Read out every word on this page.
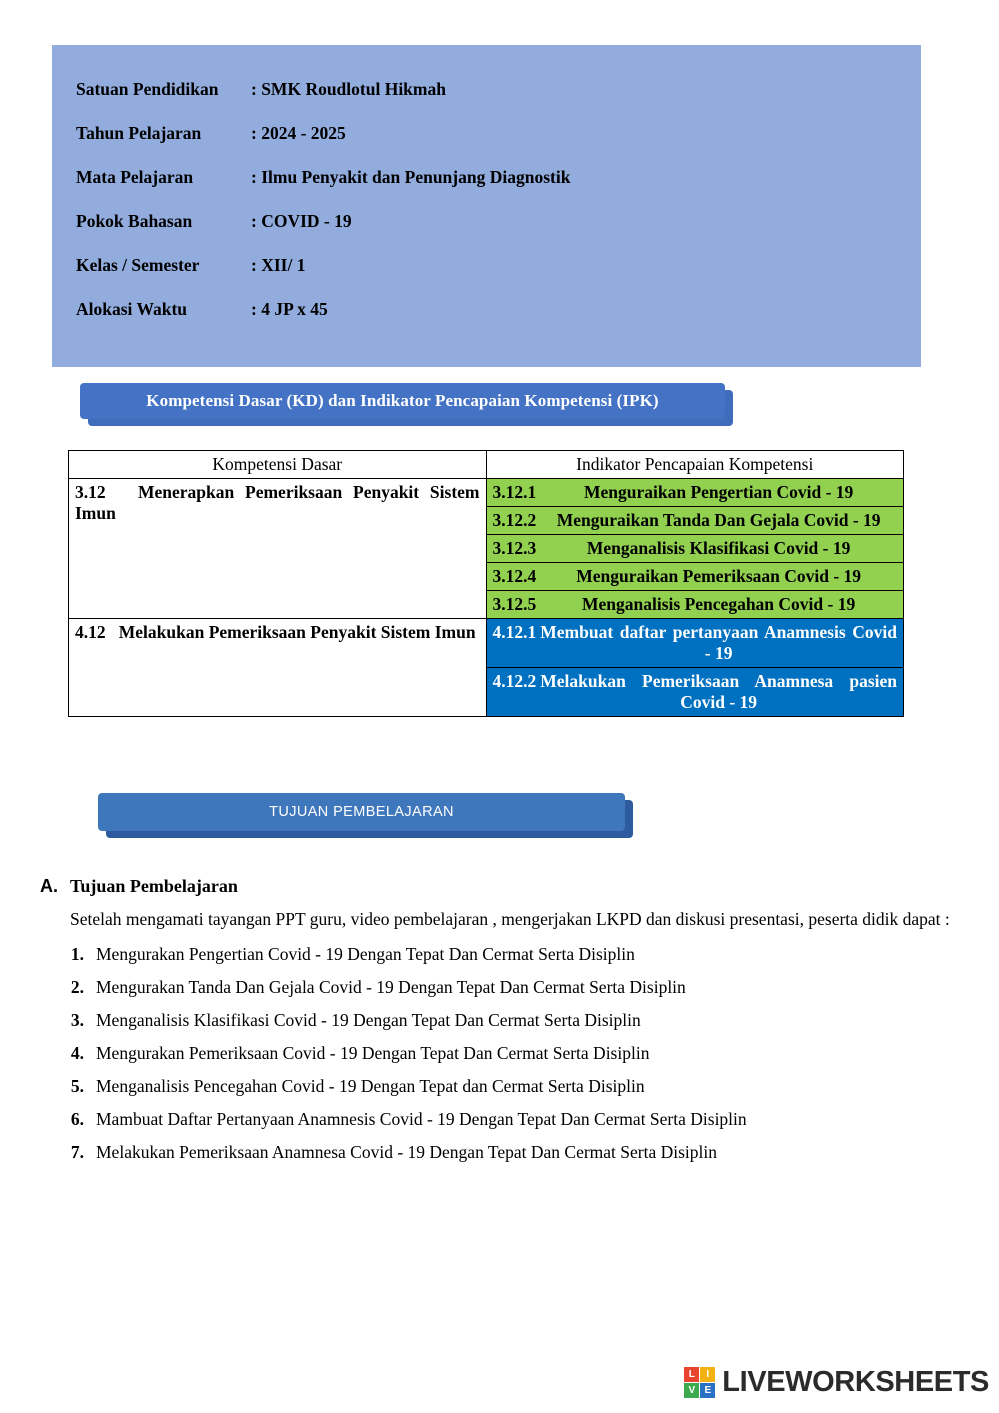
Satuan Pendidikan	: SMK Roudlotul Hikmah
Tahun Pelajaran	: 2024 - 2025
Mata Pelajaran	: Ilmu Penyakit dan Penunjang Diagnostik
Pokok Bahasan	: COVID - 19
Kelas / Semester	: XII/ 1
Alokasi Waktu	: 4 JP x 45
Kompetensi Dasar (KD) dan Indikator Pencapaian Kompetensi (IPK)
Kompetensi Dasar	Indikator Pencapaian Kompetensi
3.12 Menerapkan Pemeriksaan Penyakit Sistem Imun	3.12.1 Menguraikan Pengertian Covid - 19

	3.12.2 Menguraikan Tanda Dan Gejala Covid - 19

	3.12.3 Menganalisis Klasifikasi Covid - 19

	3.12.4 Menguraikan Pemeriksaan Covid - 19

	3.12.5 Menganalisis Pencegahan Covid - 19

4.12 Melakukan Pemeriksaan Penyakit Sistem Imun	4.12.1 Membuat daftar pertanyaan Anamnesis Covid - 19

	4.12.2 Melakukan Pemeriksaan Anamnesa pasien Covid - 19
TUJUAN PEMBELAJARAN
A. Tujuan Pembelajaran
Setelah mengamati tayangan PPT guru, video pembelajaran , mengerjakan LKPD dan diskusi presentasi, peserta didik dapat :
1. Mengurakan Pengertian Covid - 19 Dengan Tepat Dan Cermat Serta Disiplin
2. Mengurakan Tanda Dan Gejala Covid - 19 Dengan Tepat Dan Cermat Serta Disiplin
3. Menganalisis Klasifikasi Covid - 19 Dengan Tepat Dan Cermat Serta Disiplin
4. Mengurakan Pemeriksaan Covid - 19 Dengan Tepat Dan Cermat Serta Disiplin
5. Menganalisis Pencegahan Covid - 19 Dengan Tepat dan Cermat Serta Disiplin
6. Mambuat Daftar Pertanyaan Anamnesis Covid - 19 Dengan Tepat Dan Cermat Serta Disiplin
7. Melakukan Pemeriksaan Anamnesa Covid - 19 Dengan Tepat Dan Cermat Serta Disiplin
L	I
V E LIVEWORKSHEETS
